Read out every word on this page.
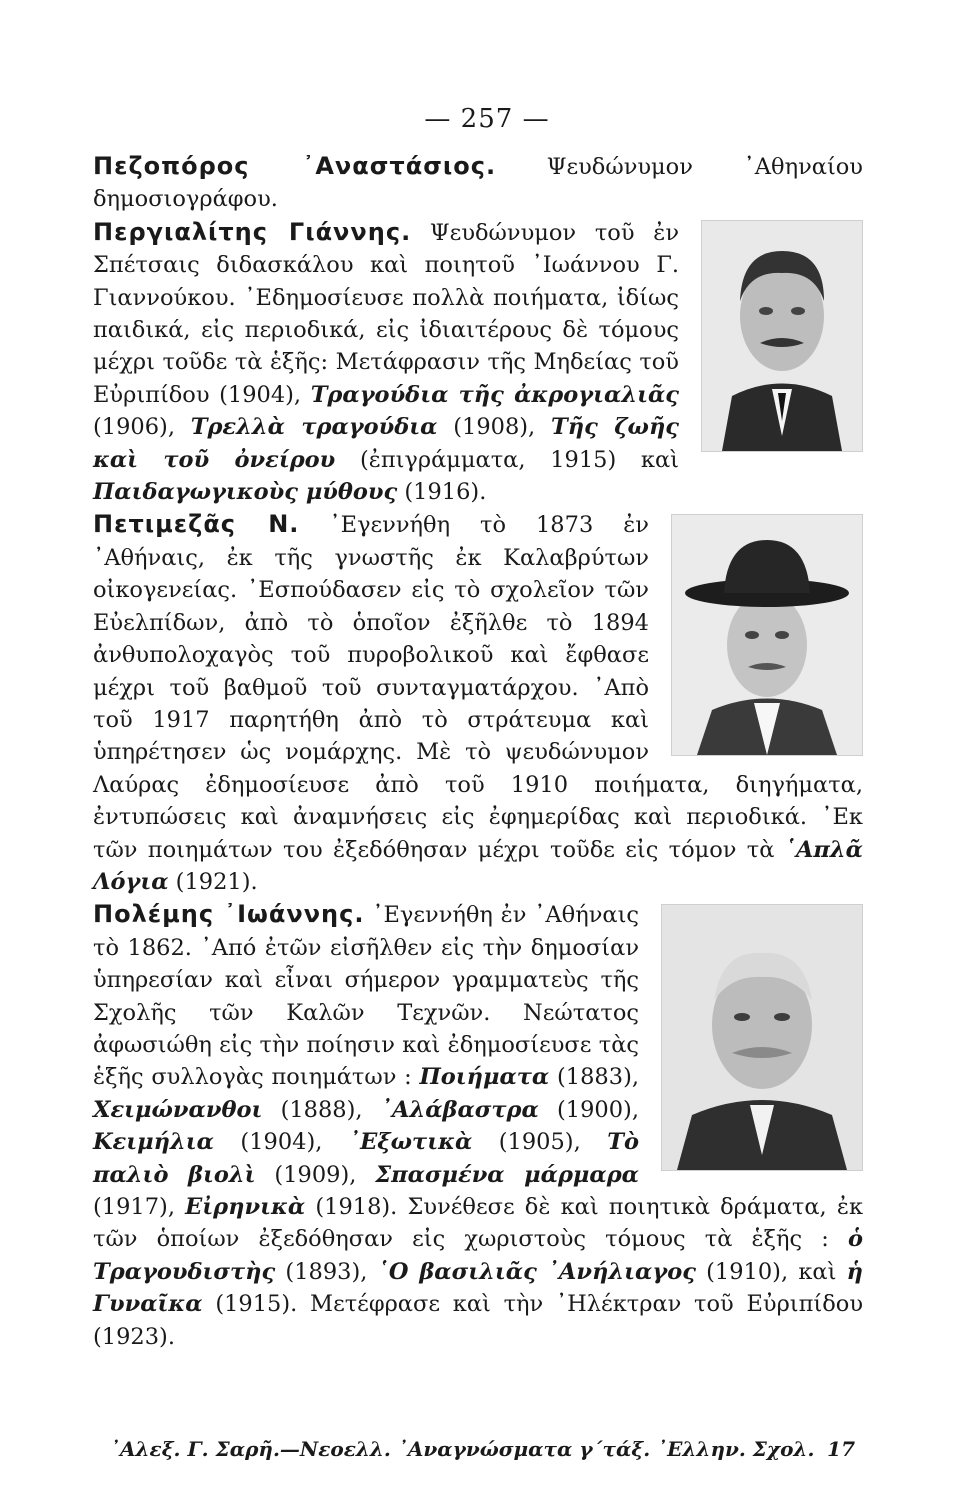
— 257 —

Πεζοπόρος ᾿Αναστάσιος. Ψευδώνυμον ᾿Αθηναίου δημοσιογράφου.

Περγιαλίτης Γιάννης. Ψευδώνυμον τοῦ ἐν Σπέτσαις διδασκάλου καὶ ποιητοῦ ᾿Ιωάννου Γ. Γιαννούκου. ᾿Εδημοσίευσε πολλὰ ποιήματα, ἰδίως παιδικά, εἰς περιοδικά, εἰς ἰδιαιτέρους δὲ τόμους μέχρι τοῦδε τὰ ἑξῆς: Μετάφρασιν τῆς Μηδείας τοῦ Εὐριπίδου (1904), Τραγούδια τῆς ἀκρογιαλιᾶς (1906), Τρελλὰ τραγούδια (1908), Τῆς ζωῆς καὶ τοῦ ὀνείρου (ἐπιγράμματα, 1915) καὶ Παιδαγωγικοὺς μύθους (1916).

Πετιμεζᾶς Ν. ᾿Εγεννήθη τὸ 1873 ἐν ᾿Αθήναις, ἐκ τῆς γνωστῆς ἐκ Καλαβρύτων οἰκογενείας. ᾿Εσπούδασεν εἰς τὸ σχολεῖον τῶν Εὐελπίδων, ἀπὸ τὸ ὁποῖον ἐξῆλθε τὸ 1894 ἀνθυπολοχαγὸς τοῦ πυροβολικοῦ καὶ ἔφθασε μέχρι τοῦ βαθμοῦ τοῦ συνταγματάρχου. ᾿Απὸ τοῦ 1917 παρητήθη ἀπὸ τὸ στράτευμα καὶ ὑπηρέτησεν ὡς νομάρχης. Μὲ τὸ ψευδώνυμον Λαύρας ἐδημοσίευσε ἀπὸ τοῦ 1910 ποιήματα, διηγήματα, ἐντυπώσεις καὶ ἀναμνήσεις εἰς ἐφημερίδας καὶ περιοδικά. ᾿Εκ τῶν ποιημάτων του ἐξεδόθησαν μέχρι τοῦδε εἰς τόμον τὰ ῾Απλᾶ Λόγια (1921).

Πολέμης ᾿Ιωάννης. ᾿Εγεννήθη ἐν ᾿Αθήναις τὸ 1862. ᾿Από ἐτῶν εἰσῆλθεν εἰς τὴν δημοσίαν ὑπηρεσίαν καὶ εἶναι σήμερον γραμματεὺς τῆς Σχολῆς τῶν Καλῶν Τεχνῶν. Νεώτατος ἀφωσιώθη εἰς τὴν ποίησιν καὶ ἐδημοσίευσε τὰς ἑξῆς συλλογὰς ποιημάτων : Ποιήματα (1883), Χειμώνανθοι (1888), ᾿Αλάβαστρα (1900), Κειμήλια (1904), ᾿Εξωτικὰ (1905), Τὸ παλιὸ βιολὶ (1909), Σπασμένα μάρμαρα (1917), Εἰρηνικὰ (1918). Συνέθεσε δὲ καὶ ποιητικὰ δράματα, ἐκ τῶν ὁποίων ἐξεδόθησαν εἰς χωριστοὺς τόμους τὰ ἑξῆς : ὁ Τραγουδιστὴς (1893), ῾Ο βασιλιᾶς ᾿Ανήλιαγος (1910), καὶ ἡ Γυναῖκα (1915). Μετέφρασε καὶ τὴν ᾿Ηλέκτραν τοῦ Εὐριπίδου (1923).

᾿Αλεξ. Γ. Σαρῆ.—Νεοελλ. ᾿Αναγνώσματα γ´τάξ. ᾿Ελλην. Σχολ. 17
